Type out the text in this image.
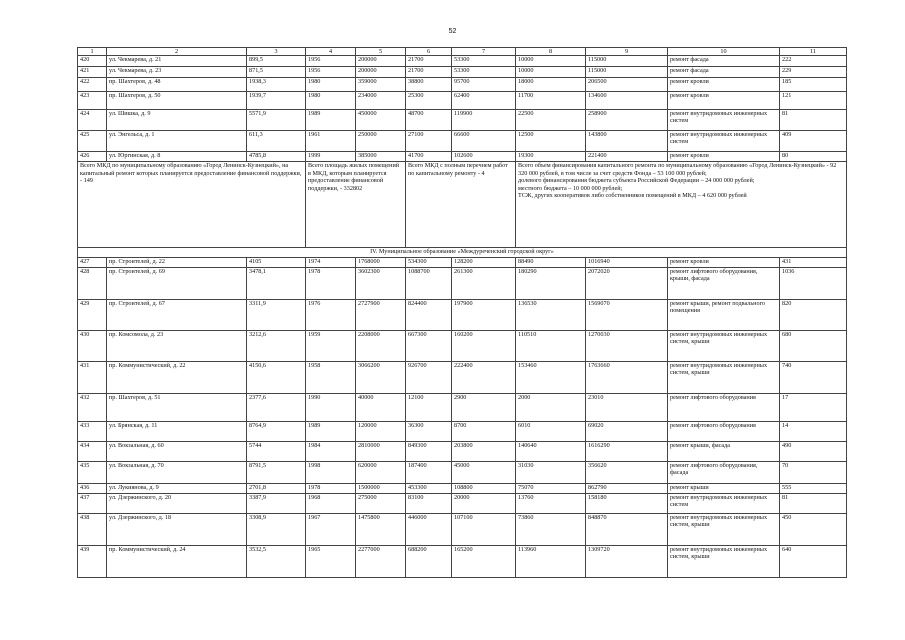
52
1	2	3	4	5	6	7	8	9	10	11
420	ул. Чекмарева, д. 21	899,5	1956	200000	21700	53300	10000	115000	ремонт фасада	222
421	ул. Чекмарева, д. 23	871,5	1956	200000	21700	53300	10000	115000	ремонт фасада	229
422	пр. Шахтеров, д. 48	1938,3	1980	359000	38800	95700	18000	206500	ремонт кровли	185
423	пр. Шахтеров, д. 50	1939,7	1980	234000	25300	62400	11700	134600	ремонт кровли	121
424	ул. Шишка, д. 9	5571,9	1989	450000	48700	119900	22500	258900	ремонт внутридомовых инженерных систем	81
425	ул. Энгельса, д. 1	611,3	1961	250000	27100	66600	12500	143800	ремонт внутридомовых инженерных систем	409
426	ул. Юргинская, д. 8	4785,8	1999	385000	41700	102600	19300	221400	ремонт кровли	80
Всего МКД по муниципальному образованию «Город Ленинск-Кузнецкий», на капитальный ремонт которых планируется предоставление финансовой поддержки, - 149			Всего площадь жилых помещений в МКД, которым планируется предоставление финансовой поддержки, - 332802		Всего МКД с полным перечнем работ по капитальному ремонту - 4		Всего объем финансирования капитального ремонта по муниципальному образованию «Город Ленинск-Кузнецкий» - 92 320 000 рублей, в том числе за счет средств Фонда – 53 100 000 рублей;
долевого финансирования бюджета субъекта Российской Федерации – 24 000 000 рублей;
местного бюджета – 10 000 000 рублей;
ТСЖ, других кооперативов либо собственников помещений в МКД – 4 620 000 рублей			

IV. Муниципальное образование «Междуреченский городской округ»										
427	пр. Строителей, д. 22	4105	1974	1768000	534300	128200	88490	1016940	ремонт кровли	431
428	пр. Строителей, д. 69	3478,1	1978	3602300	1088700	261300	180290	2072020	ремонт лифтового оборудования, крыши, фасада	1036
429	пр. Строителей, д. 67	3311,9	1976	2727900	824400	197900	136530	1569070	ремонт крыши, ремонт подвального помещения	820
430	пр. Комсомола, д. 23	3212,6	1959	2208000	667300	160200	110510	1270030	ремонт внутридомовых инженерных систем, крыши	680
431	пр. Коммунистический, д. 22	4150,6	1958	3066200	926700	222400	153460	1763660	ремонт внутридомовых инженерных систем, крыши	740
432	пр. Шахтеров, д. 51	2377,6	1990	40000	12100	2900	2000	23010	ремонт лифтового оборудования	17
433	ул. Брянская, д. 11	8764,9	1989	120000	36300	8700	6010	69020	ремонт лифтового оборудования	14
434	ул. Вокзальная, д. 60	5744	1984	2810000	849300	203800	140640	1616290	ремонт крыши, фасада	490
435	ул. Вокзальная, д. 70	8791,5	1998	620000	187400	45000	31030	356620	ремонт лифтового оборудования, фасада	70
436	ул. Лукиянова, д. 9	2701,8	1978	1500000	453300	108800	75070	862790	ремонт крыши	555
437	ул. Дзержинского, д. 20	3387,9	1968	275000	83100	20000	13760	158180	ремонт внутридомовых инженерных систем	81
438	ул. Дзержинского, д. 18	3308,9	1967	1475800	446000	107100	73860	848870	ремонт внутридомовых инженерных систем, крыши	450
439	пр. Коммунистический, д. 24	3532,5	1965	2277000	688200	165200	113960	1309720	ремонт внутридомовых инженерных систем, крыши	640
